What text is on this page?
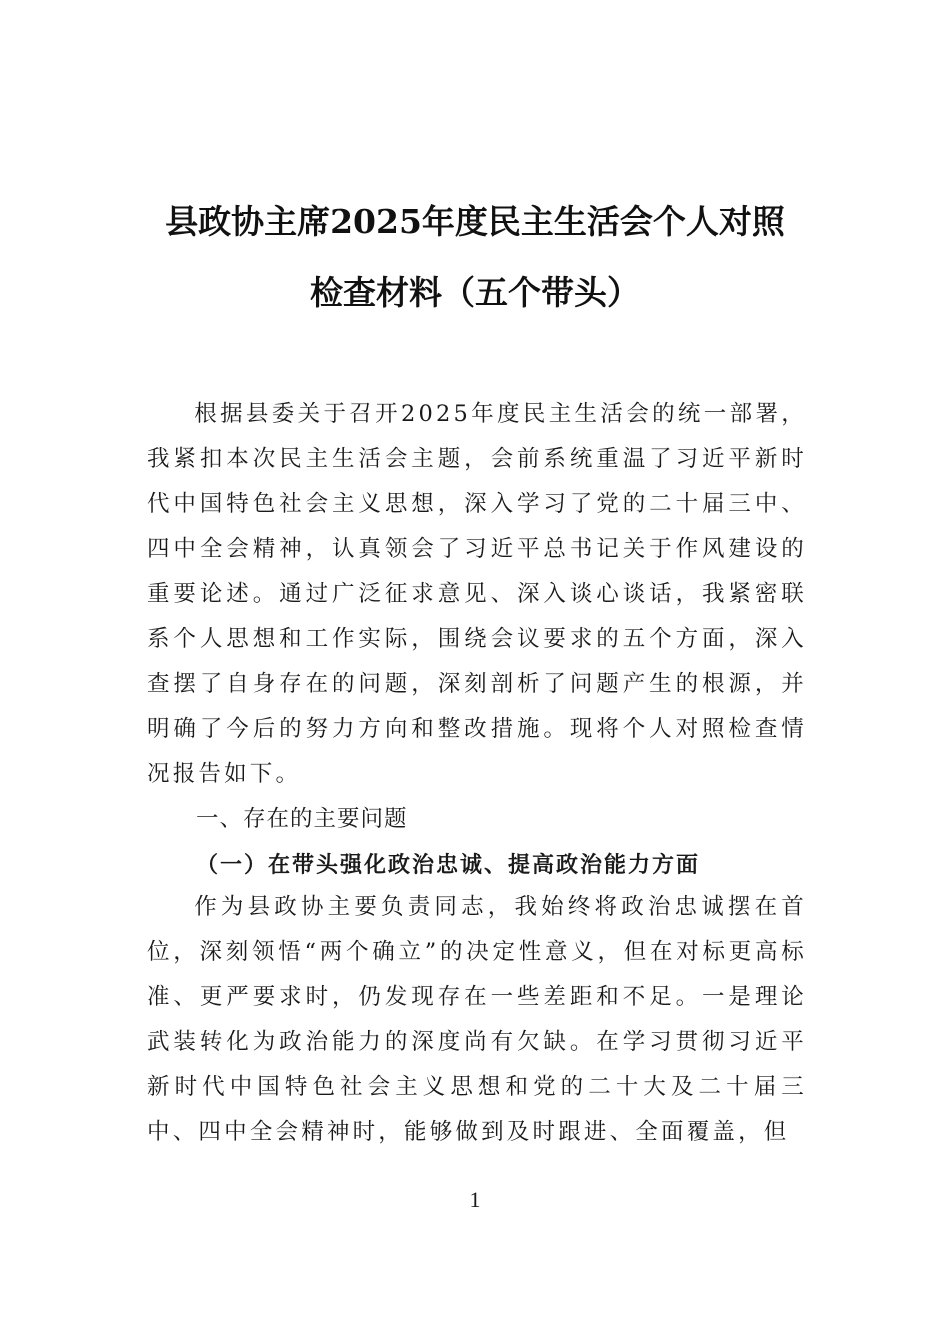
县政协主席2025年度民主生活会个人对照
检查材料（五个带头）

根据县委关于召开2025年度民主生活会的统一部署，我紧扣本次民主生活会主题，会前系统重温了习近平新时代中国特色社会主义思想，深入学习了党的二十届三中、四中全会精神，认真领会了习近平总书记关于作风建设的重要论述。通过广泛征求意见、深入谈心谈话，我紧密联系个人思想和工作实际，围绕会议要求的五个方面，深入查摆了自身存在的问题，深刻剖析了问题产生的根源，并明确了今后的努力方向和整改措施。现将个人对照检查情况报告如下。

一、存在的主要问题
（一）在带头强化政治忠诚、提高政治能力方面

作为县政协主要负责同志，我始终将政治忠诚摆在首位，深刻领悟“两个确立”的决定性意义，但在对标更高标准、更严要求时，仍发现存在一些差距和不足。一是理论武装转化为政治能力的深度尚有欠缺。在学习贯彻习近平新时代中国特色社会主义思想和党的二十大及二十届三中、四中全会精神时，能够做到及时跟进、全面覆盖，但

1
